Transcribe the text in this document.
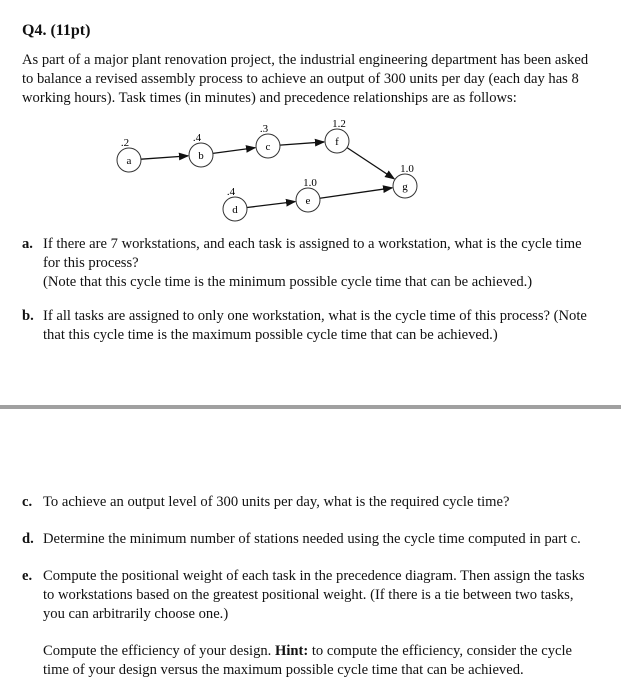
Q4. (11pt)
As part of a major plant renovation project, the industrial engineering department has been asked to balance a revised assembly process to achieve an output of 300 units per day (each day has 8 working hours). Task times (in minutes) and precedence relationships are as follows:
a
.2
b
.4
c
.3
f
1.2
g
1.0
d
.4
e
1.0
a. If there are 7 workstations, and each task is assigned to a workstation, what is the cycle time for this process?
(Note that this cycle time is the minimum possible cycle time that can be achieved.)
b. If all tasks are assigned to only one workstation, what is the cycle time of this process? (Note that this cycle time is the maximum possible cycle time that can be achieved.)
c. To achieve an output level of 300 units per day, what is the required cycle time?
d. Determine the minimum number of stations needed using the cycle time computed in part c.
e. Compute the positional weight of each task in the precedence diagram. Then assign the tasks to workstations based on the greatest positional weight. (If there is a tie between two tasks, you can arbitrarily choose one.)
Compute the efficiency of your design. Hint: to compute the efficiency, consider the cycle time of your design versus the maximum possible cycle time that can be achieved.
